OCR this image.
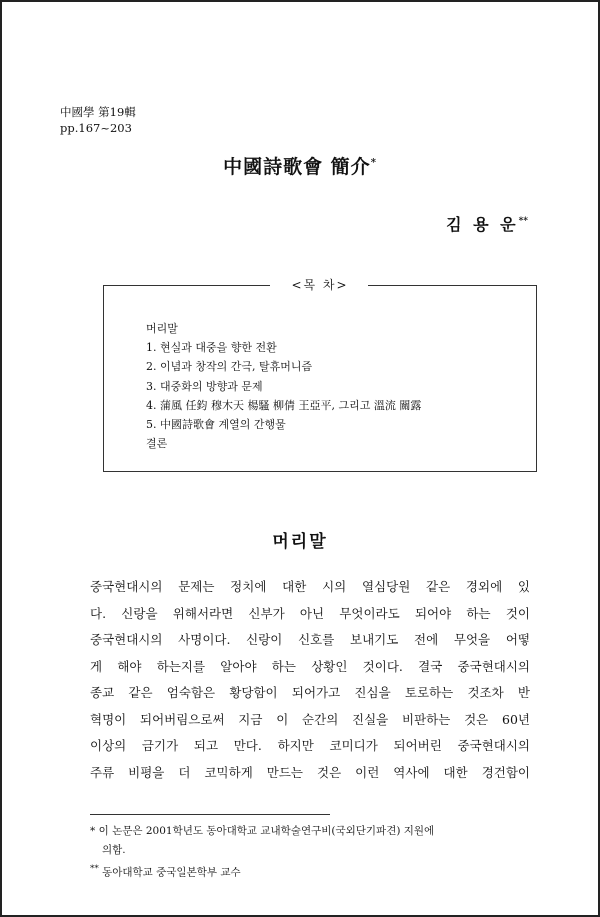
中國學 第19輯
pp.167~203
中國詩歌會 簡介*
김 용 운**
<목 차>
머리말
1. 현실과 대중을 향한 전환
2. 이념과 창작의 간극, 탈휴머니즘
3. 대중화의 방향과 문제
4. 蒲風 任鈞 穆木天 楊騷 柳倩 王亞平, 그리고 溫流 關露
5. 中國詩歌會 계열의 간행물
결론
머리말
중국현대시의 문제는 정치에 대한 시의 열심당원 같은 경외에 있
다. 신랑을 위해서라면 신부가 아닌 무엇이라도 되어야 하는 것이
중국현대시의 사명이다. 신랑이 신호를 보내기도 전에 무엇을 어떻
게 해야 하는지를 알아야 하는 상황인 것이다. 결국 중국현대시의
종교 같은 엄숙함은 황당함이 되어가고 진심을 토로하는 것조차 반
혁명이 되어버림으로써 지금 이 순간의 진실을 비판하는 것은 60년
이상의 금기가 되고 만다. 하지만 코미디가 되어버린 중국현대시의
주류 비평을 더 코믹하게 만드는 것은 이런 역사에 대한 경건함이
* 이 논문은 2001학년도 동아대학교 교내학술연구비(국외단기파견) 지원에
의함.
** 동아대학교 중국일본학부 교수
